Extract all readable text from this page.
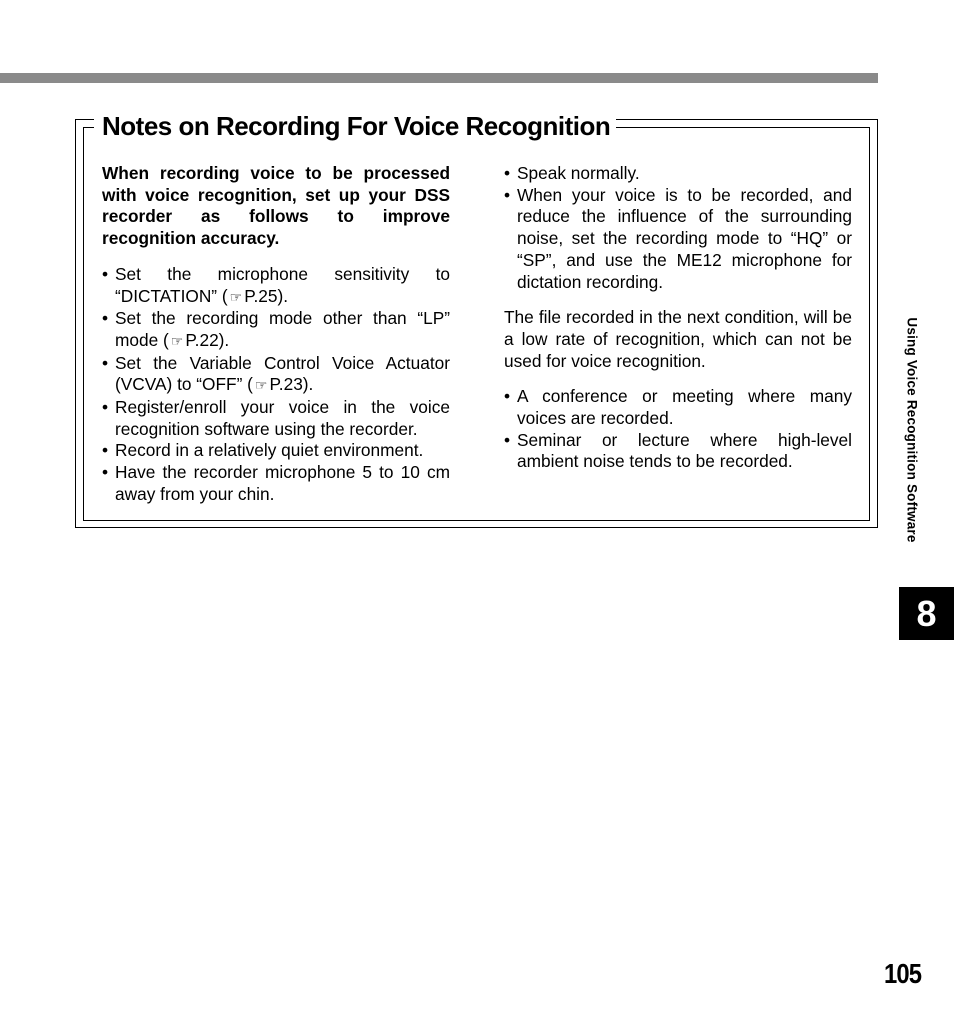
Notes on Recording For Voice Recognition

When recording voice to be processed with voice recognition, set up your DSS recorder as follows to improve recognition accuracy.

• Set the microphone sensitivity to “DICTATION” ( ☞ P.25).
• Set the recording mode other than “LP” mode ( ☞ P.22).
• Set the Variable Control Voice Actuator (VCVA) to “OFF” ( ☞ P.23).
• Register/enroll your voice in the voice recognition software using the recorder.
• Record in a relatively quiet environment.
• Have the recorder microphone 5 to 10 cm away from your chin.
• Speak normally.
• When your voice is to be recorded, and reduce the influence of the surrounding noise, set the recording mode to “HQ” or “SP”, and use the ME12 microphone for dictation recording.

The file recorded in the next condition, will be a low rate of recognition, which can not be used for voice recognition.

• A conference or meeting where many voices are recorded.
• Seminar or lecture where high-level ambient noise tends to be recorded.	Using Voice Recognition Software
8
105
